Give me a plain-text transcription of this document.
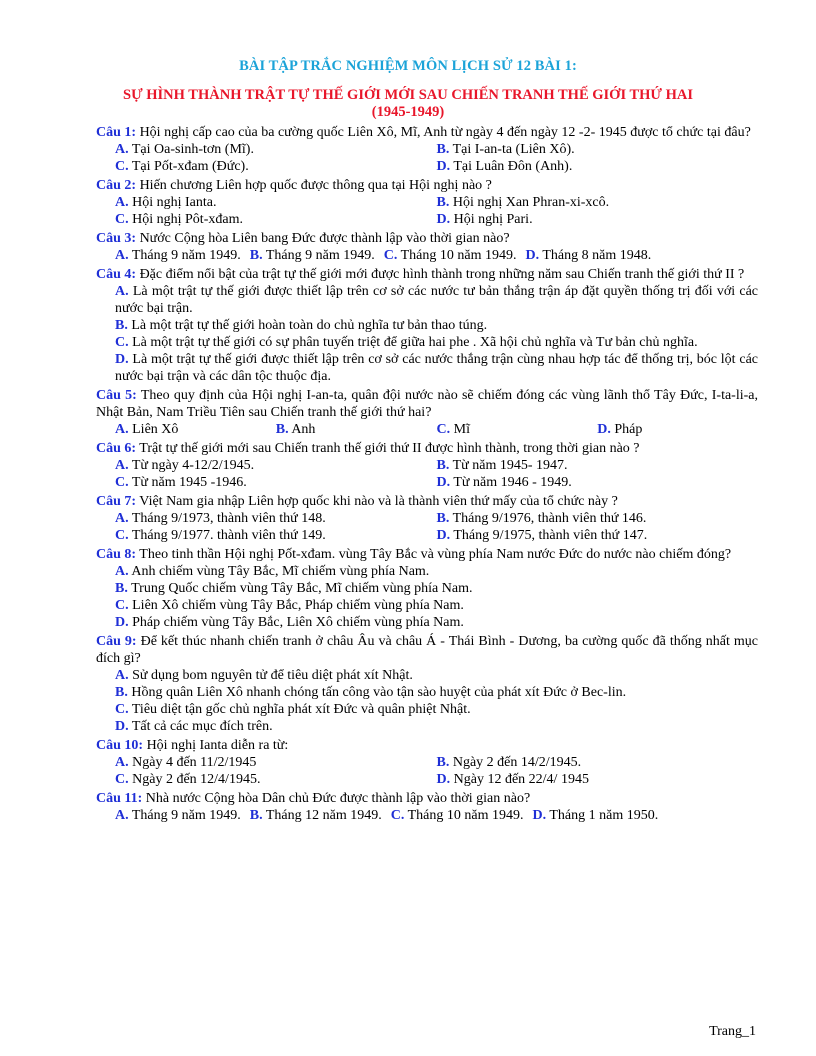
BÀI TẬP TRẮC NGHIỆM MÔN LỊCH SỬ 12 BÀI 1:
SỰ HÌNH THÀNH TRẬT TỰ THẾ GIỚI MỚI SAU CHIẾN TRANH THẾ GIỚI THỨ HAI
(1945-1949)
Câu 1: Hội nghị cấp cao của ba cường quốc Liên Xô, Mĩ, Anh từ ngày 4 đến ngày 12 -2- 1945 được tổ chức tại đâu?
A. Tại Oa-sinh-tơn (Mĩ).	B. Tại I-an-ta (Liên Xô).
C. Tại Pốt-xđam (Đức).	D. Tại Luân Đôn (Anh).
Câu 2: Hiến chương Liên hợp quốc được thông qua tại Hội nghị nào ?
A. Hội nghị Ianta.	B. Hội nghị Xan Phran-xi-xcô.
C. Hội nghị Pôt-xđam.	D. Hội nghị Pari.
Câu 3: Nước Cộng hòa Liên bang Đức được thành lập vào thời gian nào?
A. Tháng 9 năm 1949. B. Tháng 9 năm 1949. C. Tháng 10 năm 1949. D. Tháng 8 năm 1948.
Câu 4: Đặc điểm nổi bật của trật tự thế giới mới được hình thành trong những năm sau Chiến tranh thế giới thứ II ?
A. Là một trật tự thế giới được thiết lập trên cơ sở các nước tư bản thắng trận áp đặt quyền thống trị đối với các nước bại trận.
B. Là một trật tự thế giới hoàn toàn do chủ nghĩa tư bản thao túng.
C. Là một trật tự thế giới có sự phân tuyến triệt để giữa hai phe . Xã hội chủ nghĩa và Tư bản chủ nghĩa.
D. Là một trật tự thế giới được thiết lập trên cơ sở các nước thắng trận cùng nhau hợp tác để thống trị, bóc lột các nước bại trận và các dân tộc thuộc địa.
Câu 5: Theo quy định của Hội nghị I-an-ta, quân đội nước nào sẽ chiếm đóng các vùng lãnh thổ Tây Đức, I-ta-li-a, Nhật Bản, Nam Triều Tiên sau Chiến tranh thế giới thứ hai?
A. Liên Xô	B. Anh	C. Mĩ	D. Pháp
Câu 6: Trật tự thế giới mới sau Chiến tranh thế giới thứ II được hình thành, trong thời gian nào ?
A. Từ ngày 4-12/2/1945.	B. Từ năm 1945- 1947.
C. Từ năm 1945 -1946.	D. Từ năm 1946 - 1949.
Câu 7: Việt Nam gia nhập Liên hợp quốc khi nào và là thành viên thứ mấy của tổ chức này ?
A. Tháng 9/1973, thành viên thứ 148.	B. Tháng 9/1976, thành viên thứ 146.
C. Tháng 9/1977. thành viên thứ 149.	D. Tháng 9/1975, thành viên thứ 147.
Câu 8: Theo tinh thần Hội nghị Pốt-xđam. vùng Tây Bắc và vùng phía Nam nước Đức do nước nào chiếm đóng?
A. Anh chiếm vùng Tây Bắc, Mĩ chiếm vùng phía Nam.
B. Trung Quốc chiếm vùng Tây Bắc, Mĩ chiếm vùng phía Nam.
C. Liên Xô chiếm vùng Tây Bắc, Pháp chiếm vùng phía Nam.
D. Pháp chiếm vùng Tây Bắc, Liên Xô chiếm vùng phía Nam.
Câu 9: Để kết thúc nhanh chiến tranh ở châu Âu và châu Á - Thái Bình - Dương, ba cường quốc đã thống nhất mục đích gì?
A. Sử dụng bom nguyên tử để tiêu diệt phát xít Nhật.
B. Hồng quân Liên Xô nhanh chóng tấn công vào tận sào huyệt của phát xít Đức ở Bec-lin.
C. Tiêu diệt tận gốc chủ nghĩa phát xít Đức và quân phiệt Nhật.
D. Tất cả các mục đích trên.
Câu 10: Hội nghị Ianta diễn ra từ:
A. Ngày 4 đến 11/2/1945	B. Ngày 2 đến 14/2/1945.
C. Ngày 2 đến 12/4/1945.	D. Ngày 12 đến 22/4/ 1945
Câu 11: Nhà nước Cộng hòa Dân chủ Đức được thành lập vào thời gian nào?
A. Tháng 9 năm 1949. B. Tháng 12 năm 1949. C. Tháng 10 năm 1949. D. Tháng 1 năm 1950.
Trang_1
